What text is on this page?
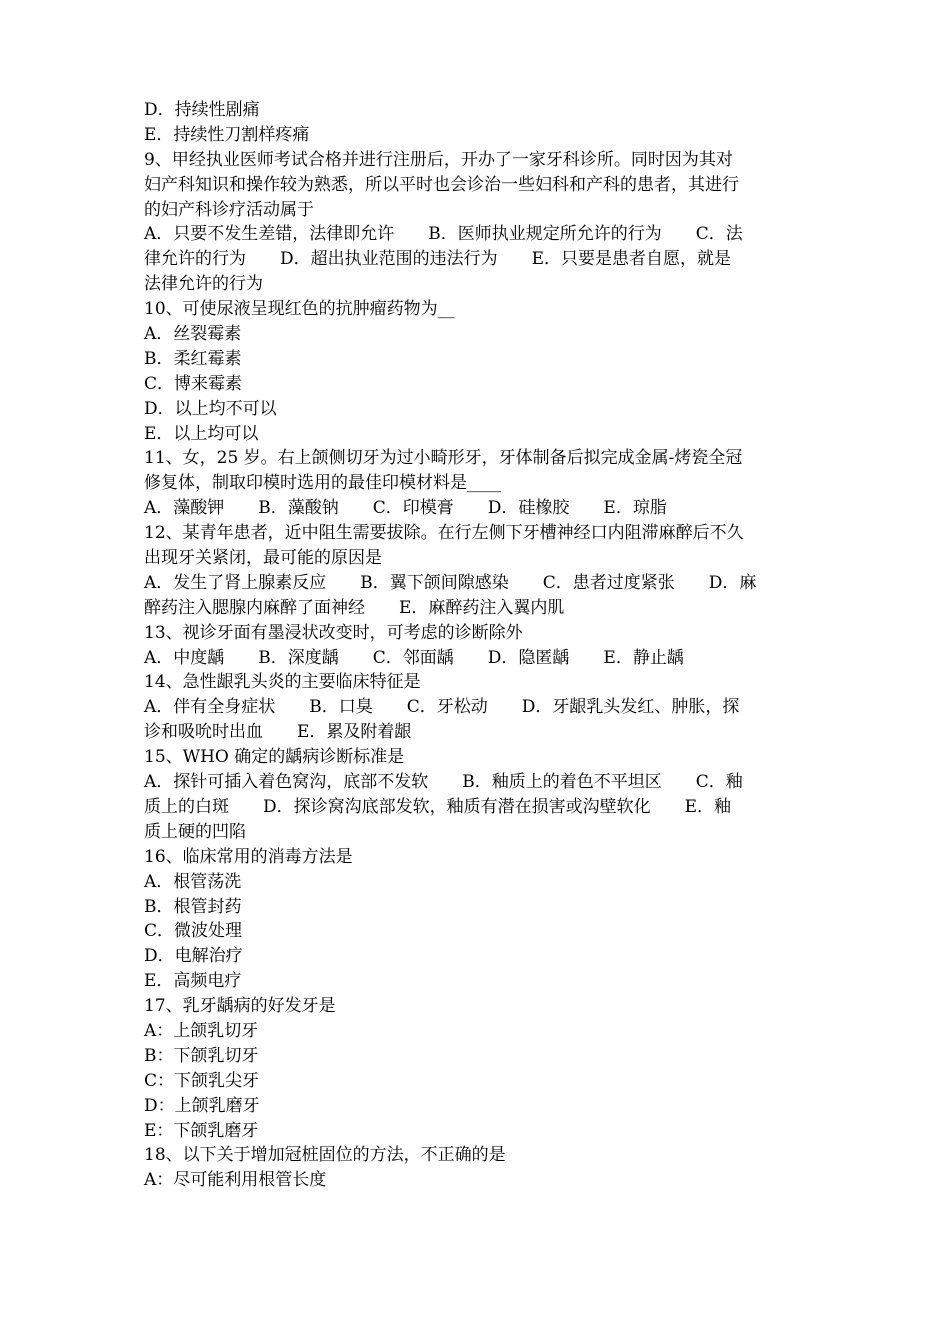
D．持续性剧痛
E．持续性刀割样疼痛
9、甲经执业医师考试合格并进行注册后，开办了一家牙科诊所。同时因为其对
妇产科知识和操作较为熟悉，所以平时也会诊治一些妇科和产科的患者，其进行
的妇产科诊疗活动属于
A．只要不发生差错，法律即允许　　B．医师执业规定所允许的行为　　C．法
律允许的行为　　D．超出执业范围的违法行为　　E．只要是患者自愿，就是
法律允许的行为
10、可使尿液呈现红色的抗肿瘤药物为__
A．丝裂霉素
B．柔红霉素
C．博来霉素
D．以上均不可以
E．以上均可以
11、女，25 岁。右上颌侧切牙为过小畸形牙，牙体制备后拟完成金属-烤瓷全冠
修复体，制取印模时选用的最佳印模材料是____
A．藻酸钾　　B．藻酸钠　　C．印模膏　　D．硅橡胶　　E．琼脂
12、某青年患者，近中阻生需要拔除。在行左侧下牙槽神经口内阻滞麻醉后不久
出现牙关紧闭，最可能的原因是
A．发生了肾上腺素反应　　B．翼下颌间隙感染　　C．患者过度紧张　　D．麻
醉药注入腮腺内麻醉了面神经　　E．麻醉药注入翼内肌
13、视诊牙面有墨浸状改变时，可考虑的诊断除外
A．中度龋　　B．深度龋　　C．邻面龋　　D．隐匿龋　　E．静止龋
14、急性龈乳头炎的主要临床特征是
A．伴有全身症状　　B．口臭　　C．牙松动　　D．牙龈乳头发红、肿胀，探
诊和吸吮时出血　　E．累及附着龈
15、WHO 确定的龋病诊断标准是
A．探针可插入着色窝沟，底部不发软　　B．釉质上的着色不平坦区　　C．釉
质上的白斑　　D．探诊窝沟底部发软，釉质有潜在损害或沟壁软化　　E．釉
质上硬的凹陷
16、临床常用的消毒方法是
A．根管荡洗
B．根管封药
C．微波处理
D．电解治疗
E．高频电疗
17、乳牙龋病的好发牙是
A：上颌乳切牙
B：下颌乳切牙
C：下颌乳尖牙
D：上颌乳磨牙
E：下颌乳磨牙
18、以下关于增加冠桩固位的方法，不正确的是
A：尽可能利用根管长度
